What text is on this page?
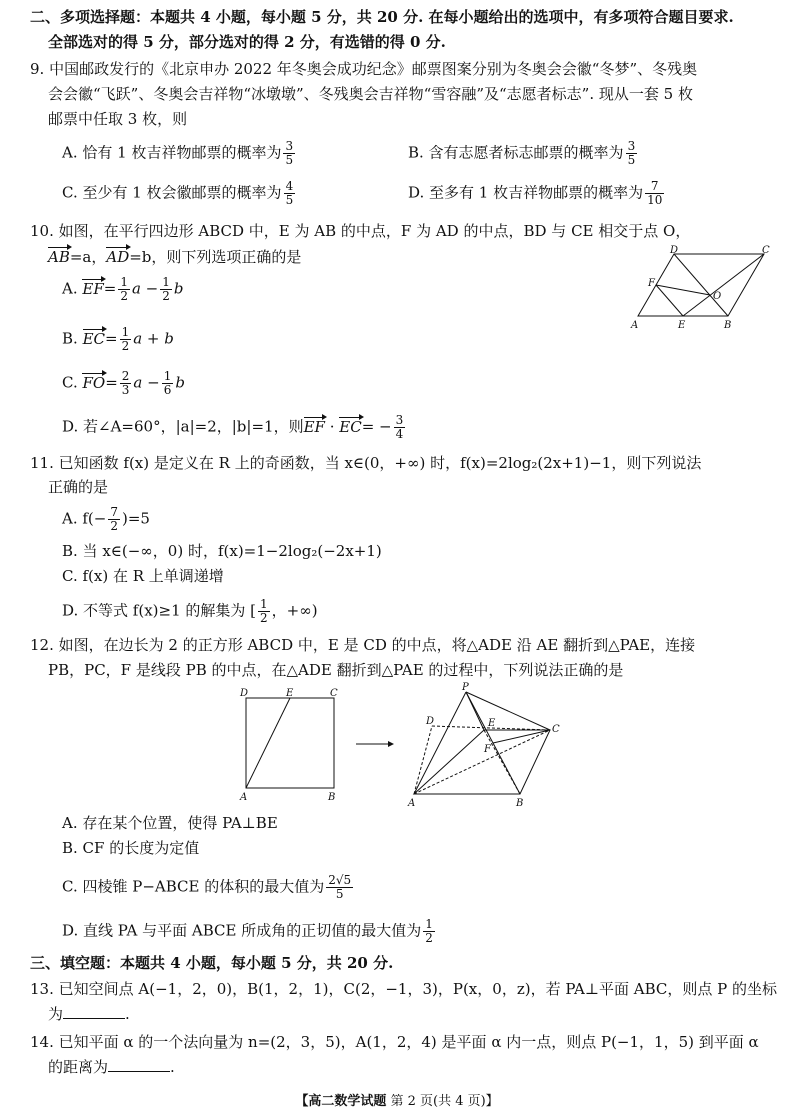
二、多项选择题：本题共 4 小题，每小题 5 分，共 20 分. 在每小题给出的选项中，有多项符合题目要求.
全部选对的得 5 分，部分选对的得 2 分，有选错的得 0 分.
9. 中国邮政发行的《北京申办 2022 年冬奥会成功纪念》邮票图案分别为冬奥会会徽“冬梦”、冬残奥
会会徽“飞跃”、冬奥会吉祥物“冰墩墩”、冬残奥会吉祥物“雪容融”及“志愿者标志”. 现从一套 5 枚
邮票中任取 3 枚，则
A. 恰有 1 枚吉祥物邮票的概率为 $\frac{3}{5}$	B. 含有志愿者标志邮票的概率为 $\frac{3}{5}$
C. 至少有 1 枚会徽邮票的概率为 $\frac{4}{5}$	D. 至多有 1 枚吉祥物邮票的概率为 $\frac{7}{10}$
10. 如图，在平行四边形 ABCD 中，E 为 AB 的中点，F 为 AD 的中点，BD 与 CE 相交于点 O，
AB=a，AD=b，则下列选项正确的是
A. $EF= \frac{1}{2}$ $a - \frac{1}{2}$ b
B. $EC= \frac{1}{2}$ a + b
C. $FO= \frac{2}{3}$ $a - \frac{1}{6}$ b
D. 若∠A=60°，|a|=2，|b|=1，则EF · $EC= - \frac{3}{4}$
A	B
C
D
E
F
O
11. 已知函数 f(x) 是定义在 R 上的奇函数，当 x∈(0，+∞) 时，f(x)=2log₂(2x+1)−1，则下列说法
正确的是
A. $f(- \frac{7}{2} )=5$
B. 当 x∈(−∞，0) 时，f(x)=1−2log₂(−2x+1)
C. f(x) 在 R 上单调递增
D. 不等式 f(x)≥1 的解集为 [ $\frac{1}{2}$ ，+∞)
12. 如图，在边长为 2 的正方形 ABCD 中，E 是 CD 的中点，将△ADE 沿 AE 翻折到△PAE，连接
PB，PC，F 是线段 PB 的中点，在△ADE 翻折到△PAE 的过程中，下列说法正确的是
A	B
C
D	E
A	B
C
D	E
F
P
A. 存在某个位置，使得 PA⊥BE
B. CF 的长度为定值
C. 四棱锥 P−ABCE 的体积的最大值为 $\frac{2√5}{5}$
D. 直线 PA 与平面 ABCE 所成角的正切值的最大值为 $\frac{1}{2}$
三、填空题：本题共 4 小题，每小题 5 分，共 20 分.
13. 已知空间点 A(−1，2，0)，B(1，2，1)，C(2，−1，3)，P(x，0，z)，若 PA⊥平面 ABC，则点 P 的坐标
为	.
14. 已知平面 α 的一个法向量为 n=(2，3，5)，A(1，2，4) 是平面 α 内一点，则点 P(−1，1，5) 到平面 α
的距离为	.
【高二数学试题 第 2 页(共 4 页)】
